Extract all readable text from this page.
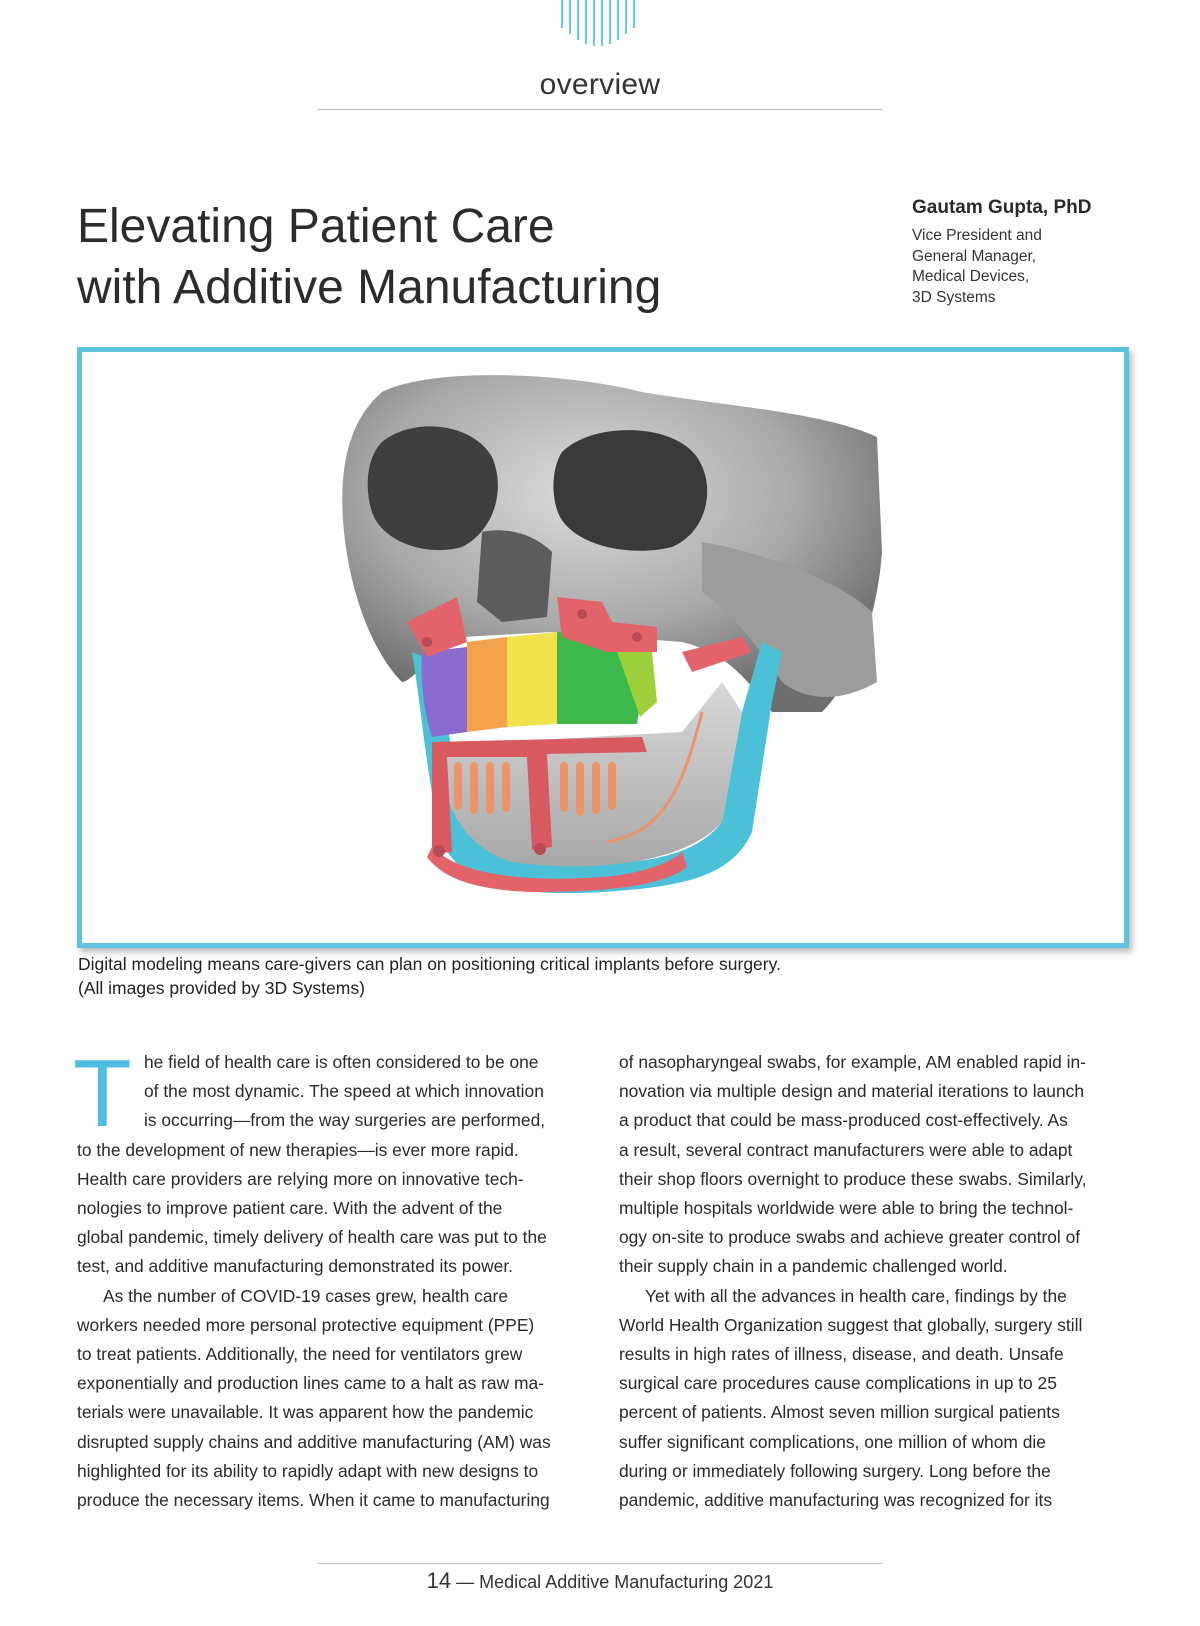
overview
Elevating Patient Care
with Additive Manufacturing
Gautam Gupta, PhD
Vice President and
General Manager,
Medical Devices,
3D Systems
Digital modeling means care-givers can plan on positioning critical implants before surgery.
(All images provided by 3D Systems)
T he field of health care is often considered to be one
of the most dynamic. The speed at which innovation
is occurring—from the way surgeries are performed,
to the development of new therapies—is ever more rapid.
Health care providers are relying more on innovative tech-
nologies to improve patient care. With the advent of the
global pandemic, timely delivery of health care was put to the
test, and additive manufacturing demonstrated its power.
As the number of COVID-19 cases grew, health care
workers needed more personal protective equipment (PPE)
to treat patients. Additionally, the need for ventilators grew
exponentially and production lines came to a halt as raw ma-
terials were unavailable. It was apparent how the pandemic
disrupted supply chains and additive manufacturing (AM) was
highlighted for its ability to rapidly adapt with new designs to
produce the necessary items. When it came to manufacturing
of nasopharyngeal swabs, for example, AM enabled rapid in-
novation via multiple design and material iterations to launch
a product that could be mass-produced cost-effectively. As
a result, several contract manufacturers were able to adapt
their shop floors overnight to produce these swabs. Similarly,
multiple hospitals worldwide were able to bring the technol-
ogy on-site to produce swabs and achieve greater control of
their supply chain in a pandemic challenged world.
Yet with all the advances in health care, findings by the
World Health Organization suggest that globally, surgery still
results in high rates of illness, disease, and death. Unsafe
surgical care procedures cause complications in up to 25
percent of patients. Almost seven million surgical patients
suffer significant complications, one million of whom die
during or immediately following surgery. Long before the
pandemic, additive manufacturing was recognized for its
14 — Medical Additive Manufacturing 2021
